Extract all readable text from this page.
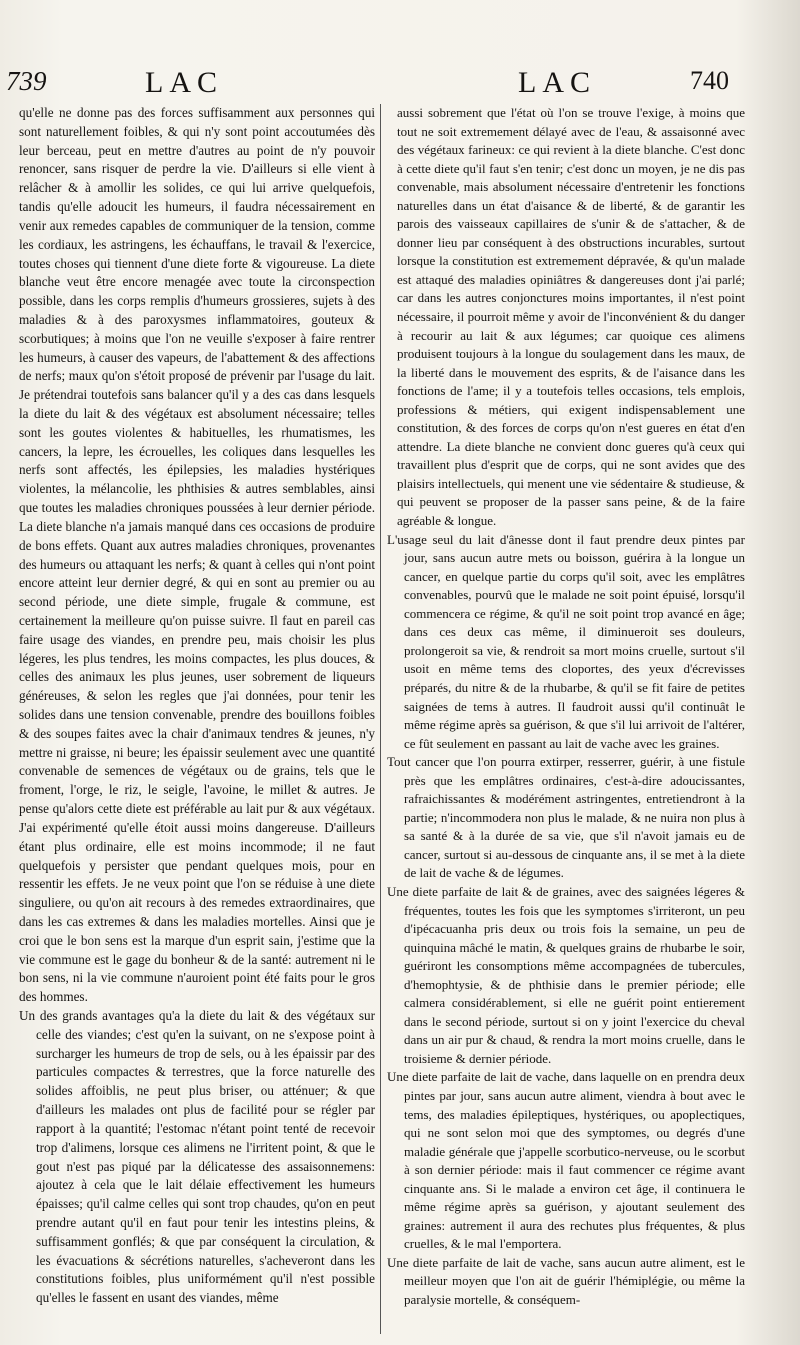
739	LAC	LAC	740

qu'elle ne donne pas des forces suffisamment aux personnes qui sont naturellement foibles, & qui n'y sont point accoutumées dès leur berceau, peut en mettre d'autres au point de n'y pouvoir renoncer, sans risquer de perdre la vie. D'ailleurs si elle vient à relâcher & à amollir les solides, ce qui lui arrive quelquefois, tandis qu'elle adoucit les humeurs, il faudra nécessairement en venir aux remedes capables de communiquer de la tension, comme les cordiaux, les astringens, les échauffans, le travail & l'exercice, toutes choses qui tiennent d'une diete forte & vigoureuse. La diete blanche veut être encore menagée avec toute la circonspection possible, dans les corps remplis d'humeurs grossieres, sujets à des maladies & à des paroxysmes inflammatoires, gouteux & scorbutiques; à moins que l'on ne veuille s'exposer à faire rentrer les humeurs, à causer des vapeurs, de l'abattement & des affections de nerfs; maux qu'on s'étoit proposé de prévenir par l'usage du lait. Je prétendrai toutefois sans balancer qu'il y a des cas dans lesquels la diete du lait & des végétaux est absolument nécessaire; telles sont les goutes violentes & habituelles, les rhumatismes, les cancers, la lepre, les écrouelles, les coliques dans lesquelles les nerfs sont affectés, les épilepsies, les maladies hystériques violentes, la mélancolie, les phthisies & autres semblables, ainsi que toutes les maladies chroniques poussées à leur dernier période. La diete blanche n'a jamais manqué dans ces occasions de produire de bons effets. Quant aux autres maladies chroniques, provenantes des humeurs ou attaquant les nerfs; & quant à celles qui n'ont point encore atteint leur dernier degré, & qui en sont au premier ou au second période, une diete simple, frugale & commune, est certainement la meilleure qu'on puisse suivre. Il faut en pareil cas faire usage des viandes, en prendre peu, mais choisir les plus légeres, les plus tendres, les moins compactes, les plus douces, & celles des animaux les plus jeunes, user sobrement de liqueurs généreuses, & selon les regles que j'ai données, pour tenir les solides dans une tension convenable, prendre des bouillons foibles & des soupes faites avec la chair d'animaux tendres & jeunes, n'y mettre ni graisse, ni beure; les épaissir seulement avec une quantité convenable de semences de végétaux ou de grains, tels que le froment, l'orge, le riz, le seigle, l'avoine, le millet & autres. Je pense qu'alors cette diete est préférable au lait pur & aux végétaux. J'ai expérimenté qu'elle étoit aussi moins dangereuse. D'ailleurs étant plus ordinaire, elle est moins incommode; il ne faut quelquefois y persister que pendant quelques mois, pour en ressentir les effets. Je ne veux point que l'on se réduise à une diete singuliere, ou qu'on ait recours à des remedes extraordinaires, que dans les cas extremes & dans les maladies mortelles. Ainsi que je croi que le bon sens est la marque d'un esprit sain, j'estime que la vie commune est le gage du bonheur & de la santé: autrement ni le bon sens, ni la vie commune n'auroient point été faits pour le gros des hommes.

Un des grands avantages qu'a la diete du lait & des végétaux sur celle des viandes; c'est qu'en la suivant, on ne s'expose point à surcharger les humeurs de trop de sels, ou à les épaissir par des particules compactes & terrestres, que la force naturelle des solides affoiblis, ne peut plus briser, ou atténuer; & que d'ailleurs les malades ont plus de facilité pour se régler par rapport à la quantité; l'estomac n'étant point tenté de recevoir trop d'alimens, lorsque ces alimens ne l'irritent point, & que le gout n'est pas piqué par la délicatesse des assaisonnemens: ajoutez à cela que le lait délaie effectivement les humeurs épaisses; qu'il calme celles qui sont trop chaudes, qu'on en peut prendre autant qu'il en faut pour tenir les intestins pleins, & suffisamment gonflés; & que par conséquent la circulation, & les évacuations & sécrétions naturelles, s'acheveront dans les constitutions foibles, plus uniformément qu'il n'est possible qu'elles le fassent en usant des viandes, même

aussi sobrement que l'état où l'on se trouve l'exige, à moins que tout ne soit extremement délayé avec de l'eau, & assaisonné avec des végétaux farineux: ce qui revient à la diete blanche. C'est donc à cette diete qu'il faut s'en tenir; c'est donc un moyen, je ne dis pas convenable, mais absolument nécessaire d'entretenir les fonctions naturelles dans un état d'aisance & de liberté, & de garantir les parois des vaisseaux capillaires de s'unir & de s'attacher, & de donner lieu par conséquent à des obstructions incurables, surtout lorsque la constitution est extremement dépravée, & qu'un malade est attaqué des maladies opiniâtres & dangereuses dont j'ai parlé; car dans les autres conjonctures moins importantes, il n'est point nécessaire, il pourroit même y avoir de l'inconvénient & du danger à recourir au lait & aux légumes; car quoique ces alimens produisent toujours à la longue du soulagement dans les maux, de la liberté dans le mouvement des esprits, & de l'aisance dans les fonctions de l'ame; il y a toutefois telles occasions, tels emplois, professions & métiers, qui exigent indispensablement une constitution, & des forces de corps qu'on n'est gueres en état d'en attendre. La diete blanche ne convient donc gueres qu'à ceux qui travaillent plus d'esprit que de corps, qui ne sont avides que des plaisirs intellectuels, qui menent une vie sédentaire & studieuse, & qui peuvent se proposer de la passer sans peine, & de la faire agréable & longue.

L'usage seul du lait d'ânesse dont il faut prendre deux pintes par jour, sans aucun autre mets ou boisson, guérira à la longue un cancer, en quelque partie du corps qu'il soit, avec les emplâtres convenables, pourvû que le malade ne soit point épuisé, lorsqu'il commencera ce régime, & qu'il ne soit point trop avancé en âge; dans ces deux cas même, il diminueroit ses douleurs, prolongeroit sa vie, & rendroit sa mort moins cruelle, surtout s'il usoit en même tems des cloportes, des yeux d'écrevisses préparés, du nitre & de la rhubarbe, & qu'il se fit faire de petites saignées de tems à autres. Il faudroit aussi qu'il continuât le même régime après sa guérison, & que s'il lui arrivoit de l'altérer, ce fût seulement en passant au lait de vache avec les graines.

Tout cancer que l'on pourra extirper, resserrer, guérir, à une fistule près que les emplâtres ordinaires, c'est-à-dire adoucissantes, rafraichissantes & modérément astringentes, entretiendront à la partie; n'incommodera non plus le malade, & ne nuira non plus à sa santé & à la durée de sa vie, que s'il n'avoit jamais eu de cancer, surtout si au-dessous de cinquante ans, il se met à la diete de lait de vache & de légumes.

Une diete parfaite de lait & de graines, avec des saignées légeres & fréquentes, toutes les fois que les symptomes s'irriteront, un peu d'ipécacuanha pris deux ou trois fois la semaine, un peu de quinquina mâché le matin, & quelques grains de rhubarbe le soir, guériront les consomptions même accompagnées de tubercules, d'hemophtysie, & de phthisie dans le premier période; elle calmera considérablement, si elle ne guérit point entierement dans le second période, surtout si on y joint l'exercice du cheval dans un air pur & chaud, & rendra la mort moins cruelle, dans le troisieme & dernier période.

Une diete parfaite de lait de vache, dans laquelle on en prendra deux pintes par jour, sans aucun autre aliment, viendra à bout avec le tems, des maladies épileptiques, hystériques, ou apoplectiques, qui ne sont selon moi que des symptomes, ou degrés d'une maladie générale que j'appelle scorbutico-nerveuse, ou le scorbut à son dernier période: mais il faut commencer ce régime avant cinquante ans. Si le malade a environ cet âge, il continuera le même régime après sa guérison, y ajoutant seulement des graines: autrement il aura des rechutes plus fréquentes, & plus cruelles, & le mal l'emportera.

Une diete parfaite de lait de vache, sans aucun autre aliment, est le meilleur moyen que l'on ait de guérir l'hémiplégie, ou même la paralysie mortelle, & conséquem-
